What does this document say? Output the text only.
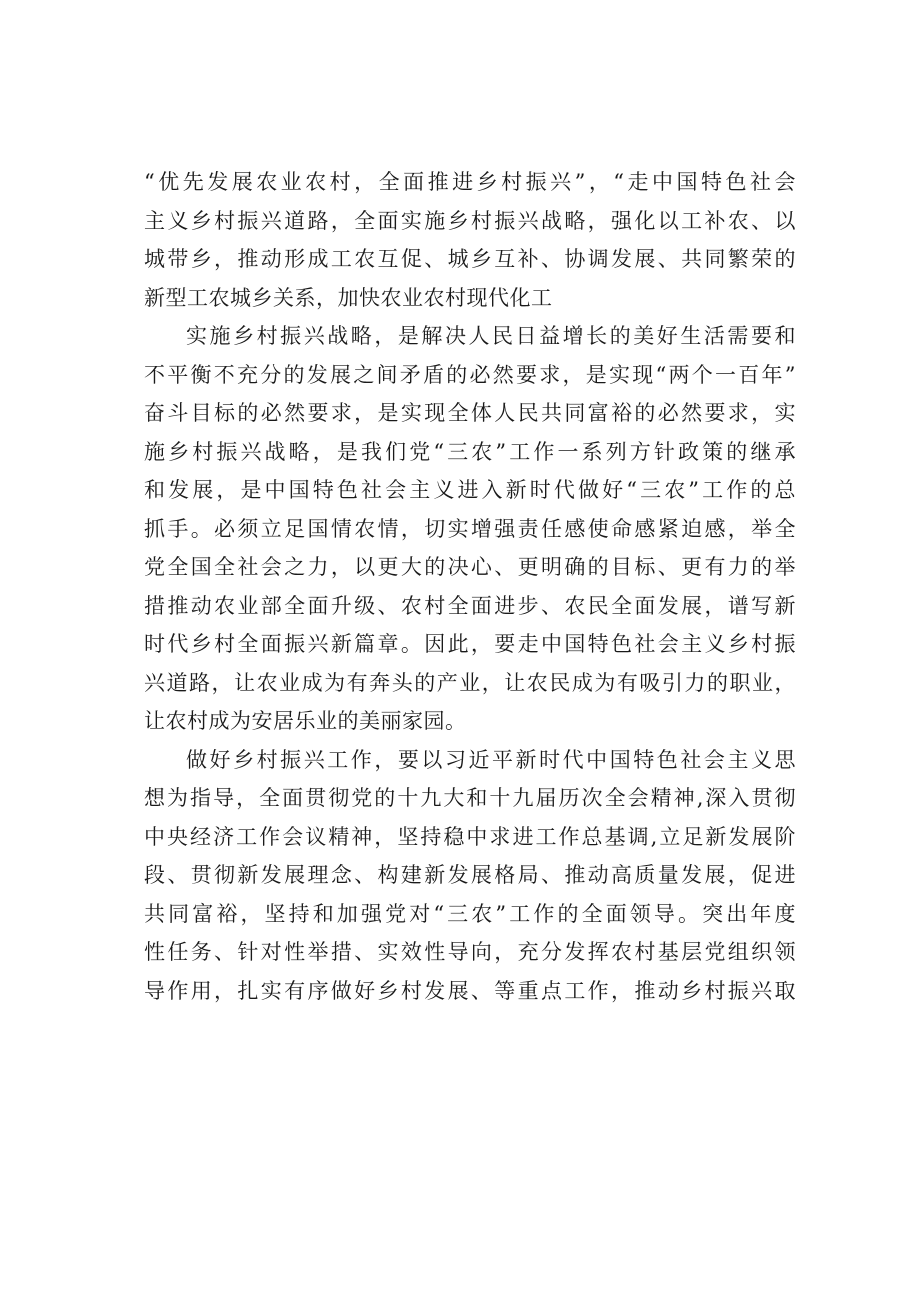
“优先发展农业农村，全面推进乡村振兴”，“走中国特色社会
主义乡村振兴道路，全面实施乡村振兴战略，强化以工补农、以
城带乡，推动形成工农互促、城乡互补、协调发展、共同繁荣的
新型工农城乡关系，加快农业农村现代化工

实施乡村振兴战略，是解决人民日益增长的美好生活需要和
不平衡不充分的发展之间矛盾的必然要求，是实现“两个一百年”
奋斗目标的必然要求，是实现全体人民共同富裕的必然要求，实
施乡村振兴战略，是我们党“三农”工作一系列方针政策的继承
和发展，是中国特色社会主义进入新时代做好“三农”工作的总
抓手。必须立足国情农情，切实增强责任感使命感紧迫感，举全
党全国全社会之力，以更大的决心、更明确的目标、更有力的举
措推动农业部全面升级、农村全面进步、农民全面发展，谱写新
时代乡村全面振兴新篇章。因此，要走中国特色社会主义乡村振
兴道路，让农业成为有奔头的产业，让农民成为有吸引力的职业，
让农村成为安居乐业的美丽家园。

做好乡村振兴工作，要以习近平新时代中国特色社会主义思
想为指导，全面贯彻党的十九大和十九届历次全会精神,深入贯彻
中央经济工作会议精神，坚持稳中求进工作总基调,立足新发展阶
段、贯彻新发展理念、构建新发展格局、推动高质量发展，促进
共同富裕，坚持和加强党对“三农”工作的全面领导。突出年度
性任务、针对性举措、实效性导向，充分发挥农村基层党组织领
导作用，扎实有序做好乡村发展、等重点工作，推动乡村振兴取
